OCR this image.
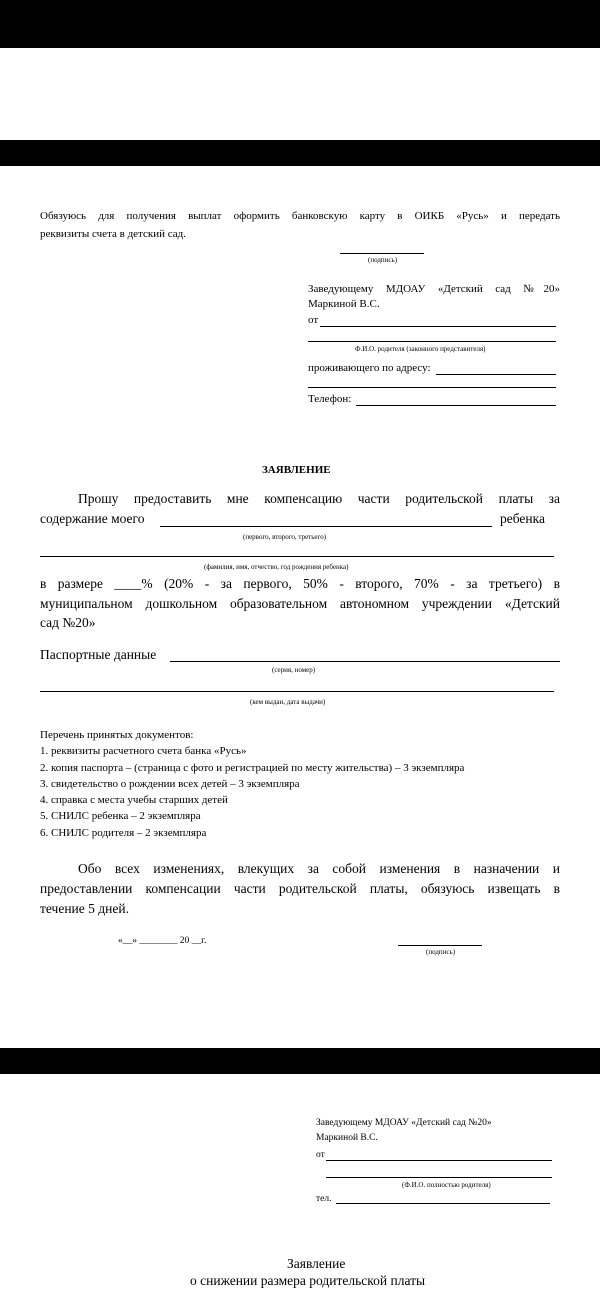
Обязуюсь для получения выплат оформить банковскую карту в ОИКБ «Русь» и передать
реквизиты счета в детский сад.
(подпись)
Заведующему МДОАУ «Детский сад №20»
Маркиной В.С.
от
Ф.И.О. родителя (законного представителя)
проживающего по адресу:
Телефон:
ЗАЯВЛЕНИЕ
Прошу предоставить мне компенсацию части родительской платы за
содержание моего	ребенка
(первого, второго, третьего)
(фамилия, имя, отчество, год рождения ребенка)
в размере ____% (20% - за первого, 50% - второго, 70% - за третьего) в
муниципальном дошкольном образовательном автономном учреждении «Детский
сад №20»
Паспортные данные
(серия, номер)
(кем выдан, дата выдачи)
Перечень принятых документов:
1. реквизиты расчетного счета банка «Русь»
2. копия паспорта – (страница с фото и регистрацией по месту жительства) – 3 экземпляра
3. свидетельство о рождении всех детей – 3 экземпляра
4. справка с места учебы старших детей
5. СНИЛС ребенка – 2 экземпляра
6. СНИЛС родителя – 2 экземпляра
Обо всех изменениях, влекущих за собой изменения в назначении и
предоставлении компенсации части родительской платы, обязуюсь извещать в
течение 5 дней.
«__» ________ 20 __г.
(подпись)
Заведующему МДОАУ «Детский сад №20»
Маркиной В.С.
от
(Ф.И.О. полностью родителя)
тел.
Заявление
о снижении размера родительской платы
